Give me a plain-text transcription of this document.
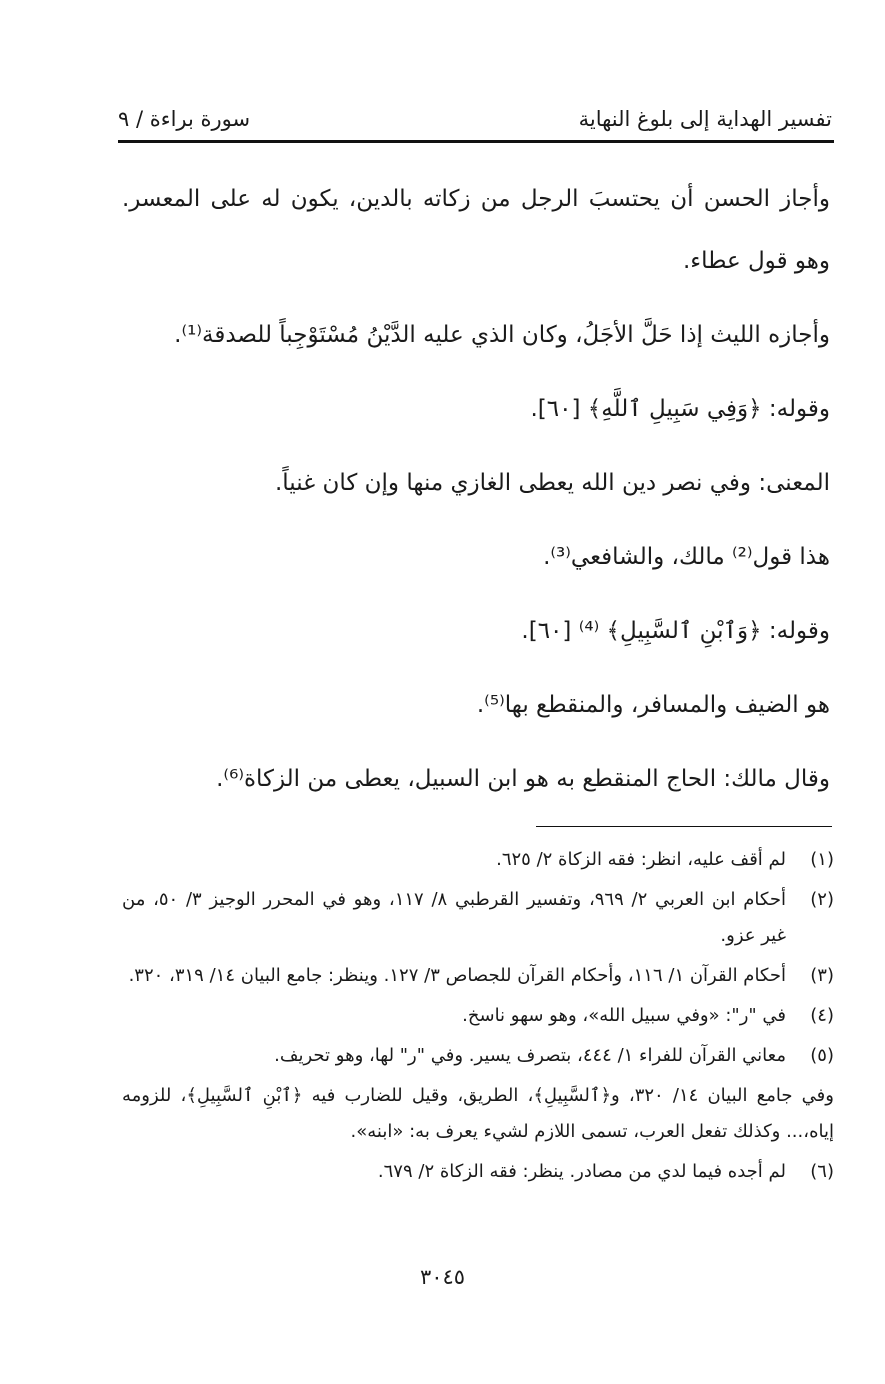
تفسير الهداية إلى بلوغ النهاية
سورة براءة / ٩

وأجاز الحسن أن يحتسبَ الرجل من زكاته بالدين، يكون له على المعسر. وهو قول عطاء.

وأجازه الليث إذا حَلَّ الأجَلُ، وكان الذي عليه الدَّيْنُ مُسْتَوْجِباً للصدقة⁽¹⁾.

وقوله: ﴿وَفِي سَبِيلِ ٱللَّهِ﴾ [٦٠].

المعنى: وفي نصر دين الله يعطى الغازي منها وإن كان غنياً.

هذا قول⁽²⁾ مالك، والشافعي⁽³⁾.

وقوله: ﴿وَٱبْنِ ٱلسَّبِيلِ﴾ ⁽⁴⁾ [٦٠].

هو الضيف والمسافر، والمنقطع بها⁽⁵⁾.

وقال مالك: الحاج المنقطع به هو ابن السبيل، يعطى من الزكاة⁽⁶⁾.

(١)
لم أقف عليه، انظر: فقه الزكاة ٢/ ٦٢٥.
(٢)
أحكام ابن العربي ٢/ ٩٦٩، وتفسير القرطبي ٨/ ١١٧، وهو في المحرر الوجيز ٣/ ٥٠، من غير عزو.
(٣)
أحكام القرآن ١/ ١١٦، وأحكام القرآن للجصاص ٣/ ١٢٧. وينظر: جامع البيان ١٤/ ٣١٩، ٣٢٠.
(٤)
في "ر": «وفي سبيل الله»، وهو سهو ناسخ.
(٥)
معاني القرآن للفراء ١/ ٤٤٤، بتصرف يسير. وفي "ر" لها، وهو تحريف.
وفي جامع البيان ١٤/ ٣٢٠، و﴿ٱلسَّبِيلِ﴾، الطريق، وقيل للضارب فيه ﴿ٱبْنِ ٱلسَّبِيلِ﴾، للزومه إياه،... وكذلك تفعل العرب، تسمى اللازم لشيء يعرف به: «ابنه».
(٦)
لم أجده فيما لدي من مصادر. ينظر: فقه الزكاة ٢/ ٦٧٩.
٣٠٤٥
